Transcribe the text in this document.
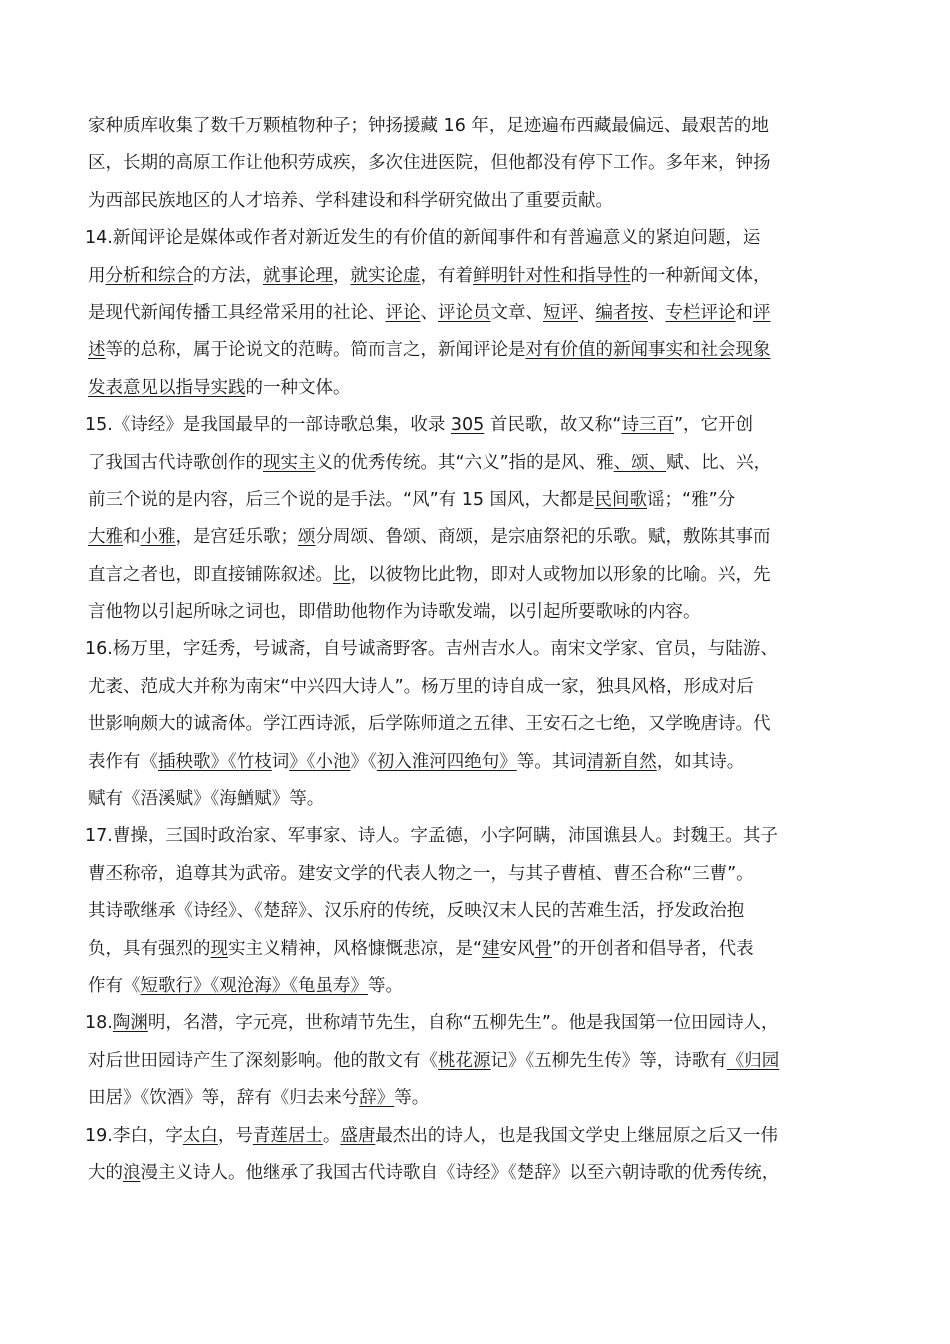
家种质库收集了数千万颗植物种子；钟扬援藏 16 年，足迹遍布西藏最偏远、最艰苦的地
区，长期的高原工作让他积劳成疾，多次住进医院，但他都没有停下工作。多年来，钟扬
为西部民族地区的人才培养、学科建设和科学研究做出了重要贡献。
14.新闻评论是媒体或作者对新近发生的有价值的新闻事件和有普遍意义的紧迫问题，运
用分析和综合的方法，就事论理，就实论虚，有着鲜明针对性和指导性的一种新闻文体，
是现代新闻传播工具经常采用的社论、评论、评论员文章、短评、编者按、专栏评论和评
述等的总称，属于论说文的范畴。简而言之，新闻评论是对有价值的新闻事实和社会现象
发表意见以指导实践的一种文体。
15.《诗经》是我国最早的一部诗歌总集，收录 305 首民歌，故又称“诗三百”，它开创
了我国古代诗歌创作的现实主义的优秀传统。其“六义”指的是风、雅、颂、赋、比、兴，
前三个说的是内容，后三个说的是手法。“风”有 15 国风，大都是民间歌谣；“雅”分
大雅和小雅，是宫廷乐歌；颂分周颂、鲁颂、商颂，是宗庙祭祀的乐歌。赋，敷陈其事而
直言之者也，即直接铺陈叙述。比，以彼物比此物，即对人或物加以形象的比喻。兴，先
言他物以引起所咏之词也，即借助他物作为诗歌发端，以引起所要歌咏的内容。
16.杨万里，字廷秀，号诚斋，自号诚斋野客。吉州吉水人。南宋文学家、官员，与陆游、
尤袤、范成大并称为南宋“中兴四大诗人”。杨万里的诗自成一家，独具风格，形成对后
世影响颇大的诚斋体。学江西诗派，后学陈师道之五律、王安石之七绝，又学晚唐诗。代
表作有《插秧歌》《竹枝词》《小池》《初入淮河四绝句》等。其词清新自然，如其诗。
赋有《浯溪赋》《海鰌赋》等。
17.曹操，三国时政治家、军事家、诗人。字孟德，小字阿瞒，沛国谯县人。封魏王。其子
曹丕称帝，追尊其为武帝。建安文学的代表人物之一，与其子曹植、曹丕合称“三曹”。
其诗歌继承《诗经》、《楚辞》、汉乐府的传统，反映汉末人民的苦难生活，抒发政治抱
负，具有强烈的现实主义精神，风格慷慨悲凉，是“建安风骨”的开创者和倡导者，代表
作有《短歌行》《观沧海》《龟虽寿》等。
18.陶渊明，名潜，字元亮，世称靖节先生，自称“五柳先生”。他是我国第一位田园诗人，
对后世田园诗产生了深刻影响。他的散文有《桃花源记》《五柳先生传》等，诗歌有《归园
田居》《饮酒》等，辞有《归去来兮辞》等。
19.李白，字太白，号青莲居士。盛唐最杰出的诗人，也是我国文学史上继屈原之后又一伟
大的浪漫主义诗人。他继承了我国古代诗歌自《诗经》《楚辞》以至六朝诗歌的优秀传统，
